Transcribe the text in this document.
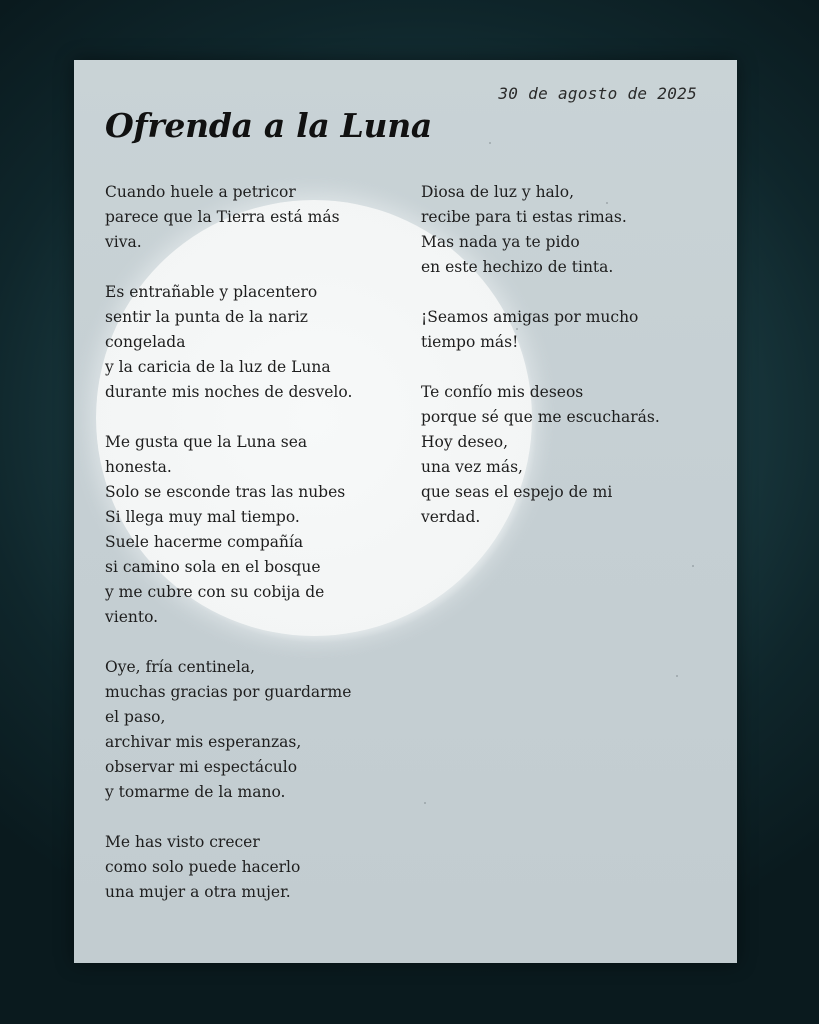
30 de agosto de 2025
Ofrenda a la Luna
Cuando huele a petricor
parece que la Tierra está más
viva.
Es entrañable y placentero
sentir la punta de la nariz
congelada
y la caricia de la luz de Luna
durante mis noches de desvelo.
Me gusta que la Luna sea
honesta.
Solo se esconde tras las nubes
Si llega muy mal tiempo.
Suele hacerme compañía
si camino sola en el bosque
y me cubre con su cobija de
viento.
Oye, fría centinela,
muchas gracias por guardarme
el paso,
archivar mis esperanzas,
observar mi espectáculo
y tomarme de la mano.
Me has visto crecer
como solo puede hacerlo
una mujer a otra mujer.
Diosa de luz y halo,
recibe para ti estas rimas.
Mas nada ya te pido
en este hechizo de tinta.
¡Seamos amigas por mucho
tiempo más!
Te confío mis deseos
porque sé que me escucharás.
Hoy deseo,
una vez más,
que seas el espejo de mi
verdad.
